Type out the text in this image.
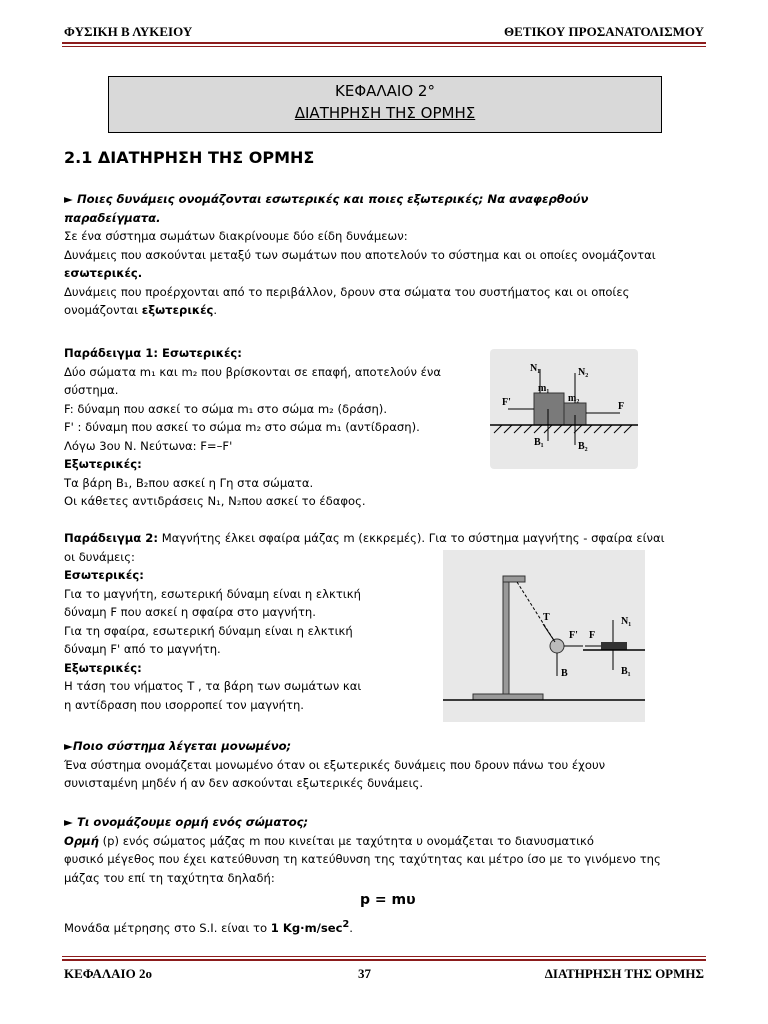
ΦΥΣΙΚΗ Β ΛΥΚΕΙΟΥ	ΘΕΤΙΚΟΥ ΠΡΟΣΑΝΑΤΟΛΙΣΜΟΥ
ΚΕΦΑΛΑΙΟ 2°
ΔΙΑΤΗΡΗΣΗ ΤΗΣ ΟΡΜΗΣ
2.1 ΔΙΑΤΗΡΗΣΗ ΤΗΣ ΟΡΜΗΣ
► Ποιες δυνάμεις ονομάζονται εσωτερικές και ποιες εξωτερικές; Να αναφερθούν
παραδείγματα.
Σε ένα σύστημα σωμάτων διακρίνουμε δύο είδη δυνάμεων:
Δυνάμεις που ασκούνται μεταξύ των σωμάτων που αποτελούν το σύστημα και οι οποίες ονομάζονται
εσωτερικές.
Δυνάμεις που προέρχονται από το περιβάλλον, δρουν στα σώματα του συστήματος και οι οποίες
ονομάζονται εξωτερικές.
Παράδειγμα 1: Εσωτερικές:
Δύο σώματα m₁ και m₂ που βρίσκονται σε επαφή, αποτελούν ένα
σύστημα.
F: δύναμη που ασκεί το σώμα m₁ στο σώμα m₂ (δράση).
F' : δύναμη που ασκεί το σώμα m₂ στο σώμα m₁ (αντίδραση).
Λόγω 3ου Ν. Νεύτωνα: F=–F'
Εξωτερικές:
Τα βάρη Β₁, Β₂που ασκεί η Γη στα σώματα.
Οι κάθετες αντιδράσεις Ν₁, Ν₂που ασκεί το έδαφος.
N₁	N₂
m₁
m₂
F'	F
B₁	B₂
Παράδειγμα 2: Μαγνήτης έλκει σφαίρα μάζας m (εκκρεμές). Για το σύστημα μαγνήτης - σφαίρα είναι
οι δυνάμεις:
Εσωτερικές:
Για το μαγνήτη, εσωτερική δύναμη είναι η ελκτική
δύναμη F που ασκεί η σφαίρα στο μαγνήτη.
Για τη σφαίρα, εσωτερική δύναμη είναι η ελκτική
δύναμη F' από το μαγνήτη.
Εξωτερικές:
Η τάση του νήματος Τ , τα βάρη των σωμάτων και
η αντίδραση που ισορροπεί τον μαγνήτη.
T
F' F
N₁
B	B₁
►Ποιο σύστημα λέγεται μονωμένο;
Ένα σύστημα ονομάζεται μονωμένο όταν οι εξωτερικές δυνάμεις που δρουν πάνω του έχουν
συνισταμένη μηδέν ή αν δεν ασκούνται εξωτερικές δυνάμεις.
► Τι ονομάζουμε ορμή ενός σώματος;
Ορμή (p) ενός σώματος μάζας m που κινείται με ταχύτητα υ ονομάζεται το διανυσματικό
φυσικό μέγεθος που έχει κατεύθυνση τη κατεύθυνση της ταχύτητας και μέτρο ίσο με το γινόμενο της
μάζας του επί τη ταχύτητα δηλαδή:
p = mυ
Μονάδα μέτρησης στο S.I. είναι το 1 $Kg\cdot m/\sec^2$.
ΚΕΦΑΛΑΙΟ 2ο	37	ΔΙΑΤΗΡΗΣΗ ΤΗΣ ΟΡΜΗΣ
